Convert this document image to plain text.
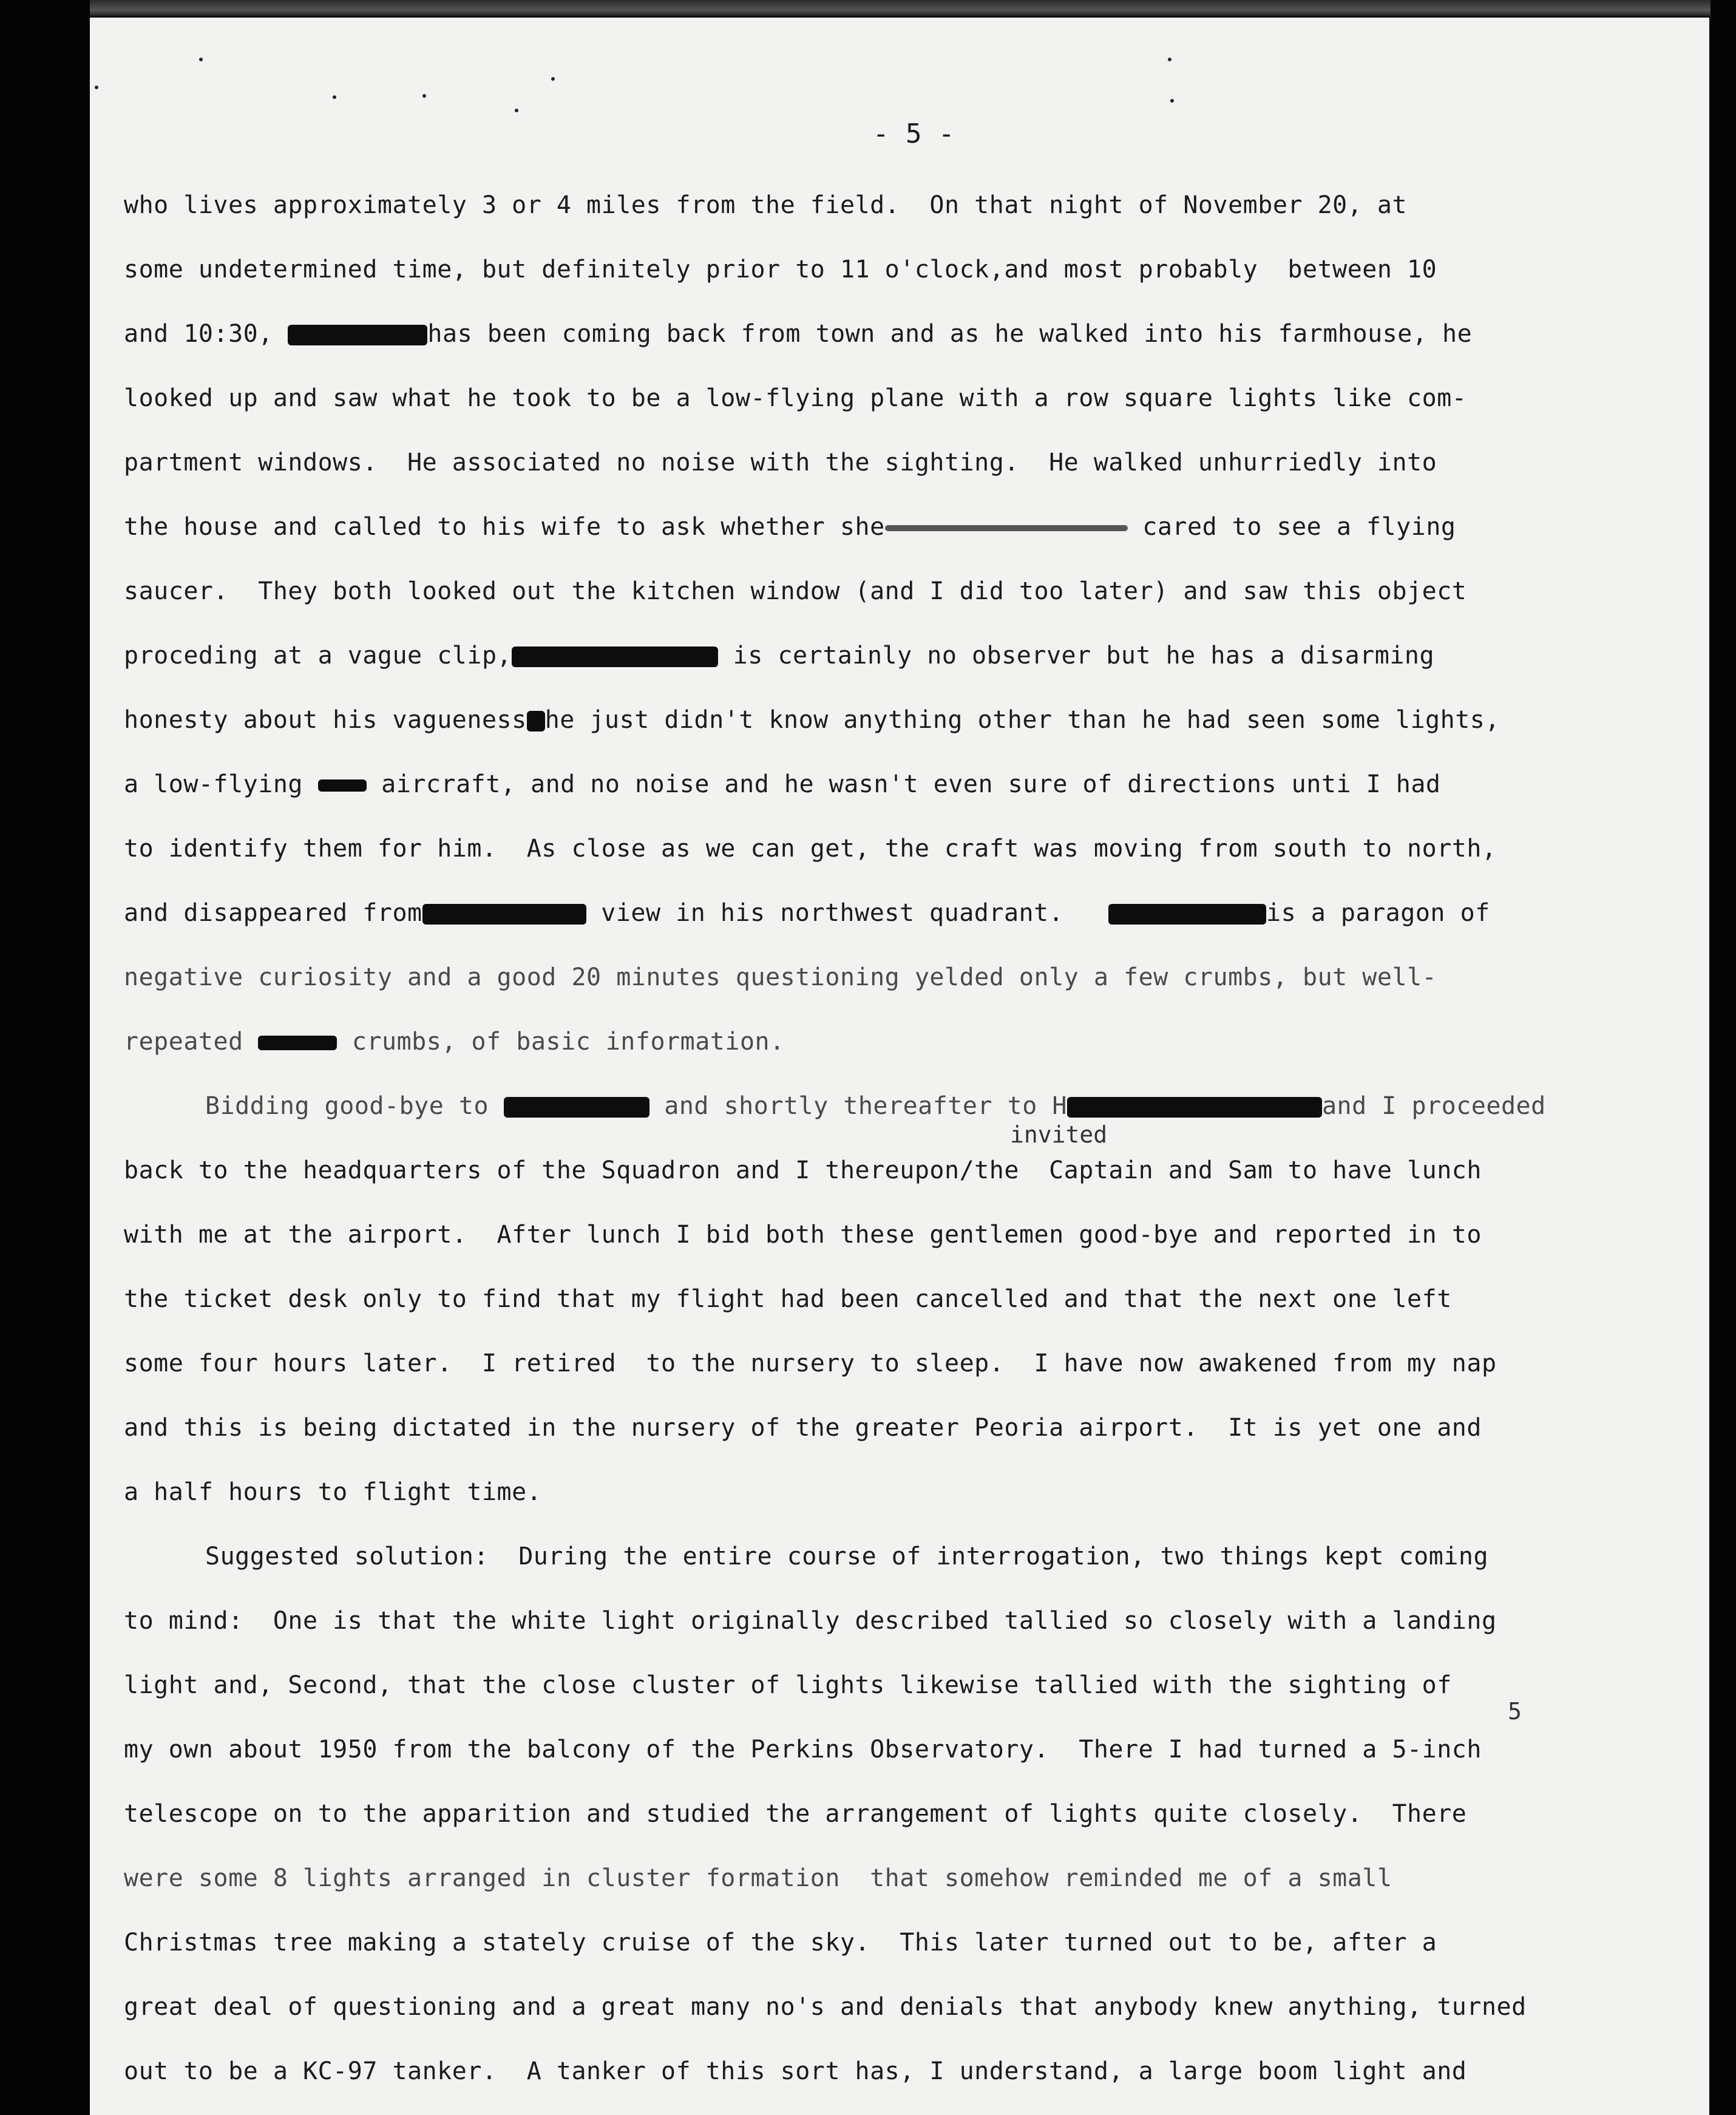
- 5 -
who lives approximately 3 or 4 miles from the field.  On that night of November 20, at
some undetermined time, but definitely prior to 11 o'clock,and most probably  between 10
and 10:30,	has been coming back from town and as he walked into his farmhouse, he
looked up and saw what he took to be a low-flying plane with a row square lights like com-
partment windows.  He associated no noise with the sighting.  He walked unhurriedly into
the house and called to his wife to ask whether she	cared to see a flying
saucer.  They both looked out the kitchen window (and I did too later) and saw this object
proceding at a vague clip,	is certainly no observer but he has a disarming
honesty about his vagueness he just didn't know anything other than he had seen some lights,
a low-flying	aircraft, and no noise and he wasn't even sure of directions unti I had
to identify them for him.  As close as we can get, the craft was moving from south to north,
and disappeared from	view in his northwest quadrant.	is a paragon of
negative curiosity and a good 20 minutes questioning yelded only a few crumbs, but well-
repeated	crumbs, of basic information.
Bidding good-bye to	and shortly thereafter to H	and I proceeded
invited
back to the headquarters of the Squadron and I thereupon/the  Captain and Sam to have lunch
with me at the airport.  After lunch I bid both these gentlemen good-bye and reported in to
the ticket desk only to find that my flight had been cancelled and that the next one left
some four hours later.  I retired  to the nursery to sleep.  I have now awakened from my nap
and this is being dictated in the nursery of the greater Peoria airport.  It is yet one and
a half hours to flight time.
Suggested solution:  During the entire course of interrogation, two things kept coming
to mind:  One is that the white light originally described tallied so closely with a landing
light and, Second, that the close cluster of lights likewise tallied with the sighting of
5
my own about 1950 from the balcony of the Perkins Observatory.  There I had turned a 5-inch
telescope on to the apparition and studied the arrangement of lights quite closely.  There
were some 8 lights arranged in cluster formation  that somehow reminded me of a small
Christmas tree making a stately cruise of the sky.  This later turned out to be, after a
great deal of questioning and a great many no's and denials that anybody knew anything, turned
out to be a KC-97 tanker.  A tanker of this sort has, I understand, a large boom light and
